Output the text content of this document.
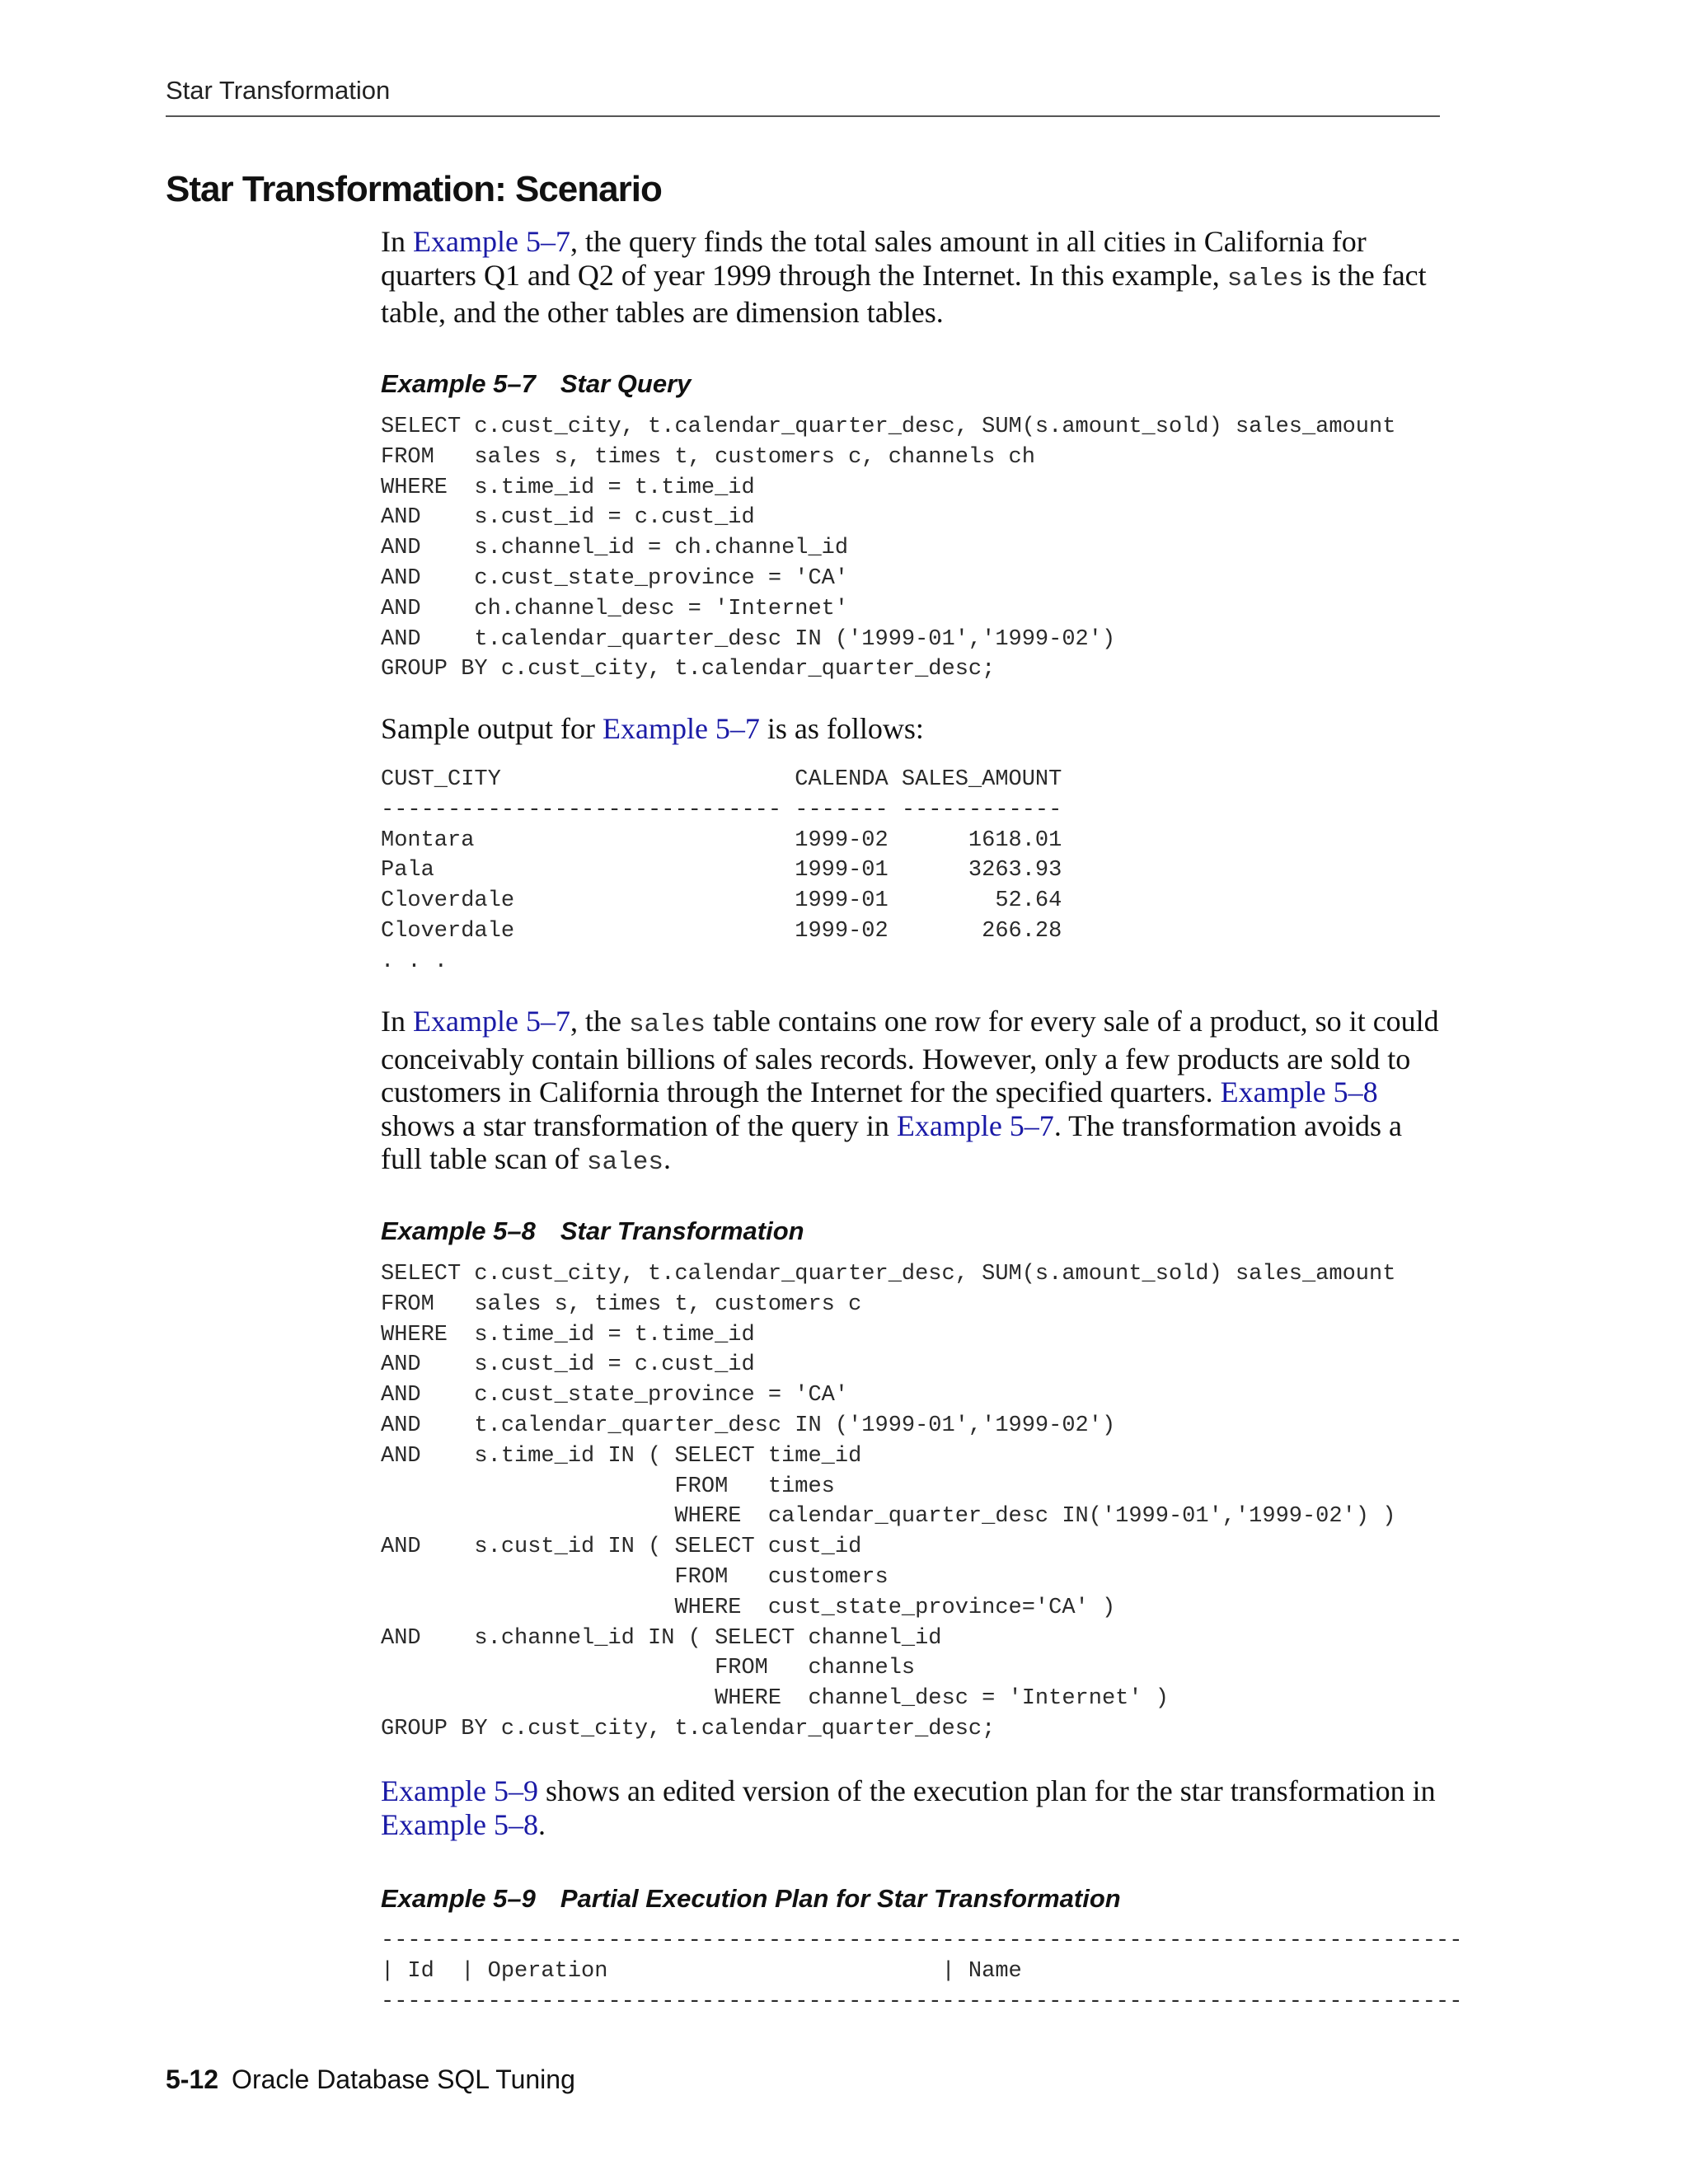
Star Transformation
Star Transformation: Scenario

In Example 5–7, the query finds the total sales amount in all cities in California for quarters Q1 and Q2 of year 1999 through the Internet. In this example, sales is the fact table, and the other tables are dimension tables.

Example 5–7 Star Query

SELECT c.cust_city, t.calendar_quarter_desc, SUM(s.amount_sold) sales_amount
FROM   sales s, times t, customers c, channels ch
WHERE  s.time_id = t.time_id
AND    s.cust_id = c.cust_id
AND    s.channel_id = ch.channel_id
AND    c.cust_state_province = 'CA'
AND    ch.channel_desc = 'Internet'
AND    t.calendar_quarter_desc IN ('1999-01','1999-02')
GROUP BY c.cust_city, t.calendar_quarter_desc;

Sample output for Example 5–7 is as follows:

CUST_CITY                      CALENDA SALES_AMOUNT
------------------------------ ------- ------------
Montara                        1999-02      1618.01
Pala                           1999-01      3263.93
Cloverdale                     1999-01        52.64
Cloverdale                     1999-02       266.28
. . .

In Example 5–7, the sales table contains one row for every sale of a product, so it could conceivably contain billions of sales records. However, only a few products are sold to customers in California through the Internet for the specified quarters. Example 5–8 shows a star transformation of the query in Example 5–7. The transformation avoids a full table scan of sales.

Example 5–8 Star Transformation

SELECT c.cust_city, t.calendar_quarter_desc, SUM(s.amount_sold) sales_amount
FROM   sales s, times t, customers c
WHERE  s.time_id = t.time_id
AND    s.cust_id = c.cust_id
AND    c.cust_state_province = 'CA'
AND    t.calendar_quarter_desc IN ('1999-01','1999-02')
AND    s.time_id IN ( SELECT time_id
FROM   times
WHERE  calendar_quarter_desc IN('1999-01','1999-02') )
AND    s.cust_id IN ( SELECT cust_id
FROM   customers
WHERE  cust_state_province='CA' )
AND    s.channel_id IN ( SELECT channel_id
FROM   channels
WHERE  channel_desc = 'Internet' )
GROUP BY c.cust_city, t.calendar_quarter_desc;

Example 5–9 shows an edited version of the execution plan for the star transformation in Example 5–8.

Example 5–9 Partial Execution Plan for Star Transformation

---------------------------------------------------------------------------------
| Id  | Operation                         | Name
---------------------------------------------------------------------------------
5-12 Oracle Database SQL Tuning
